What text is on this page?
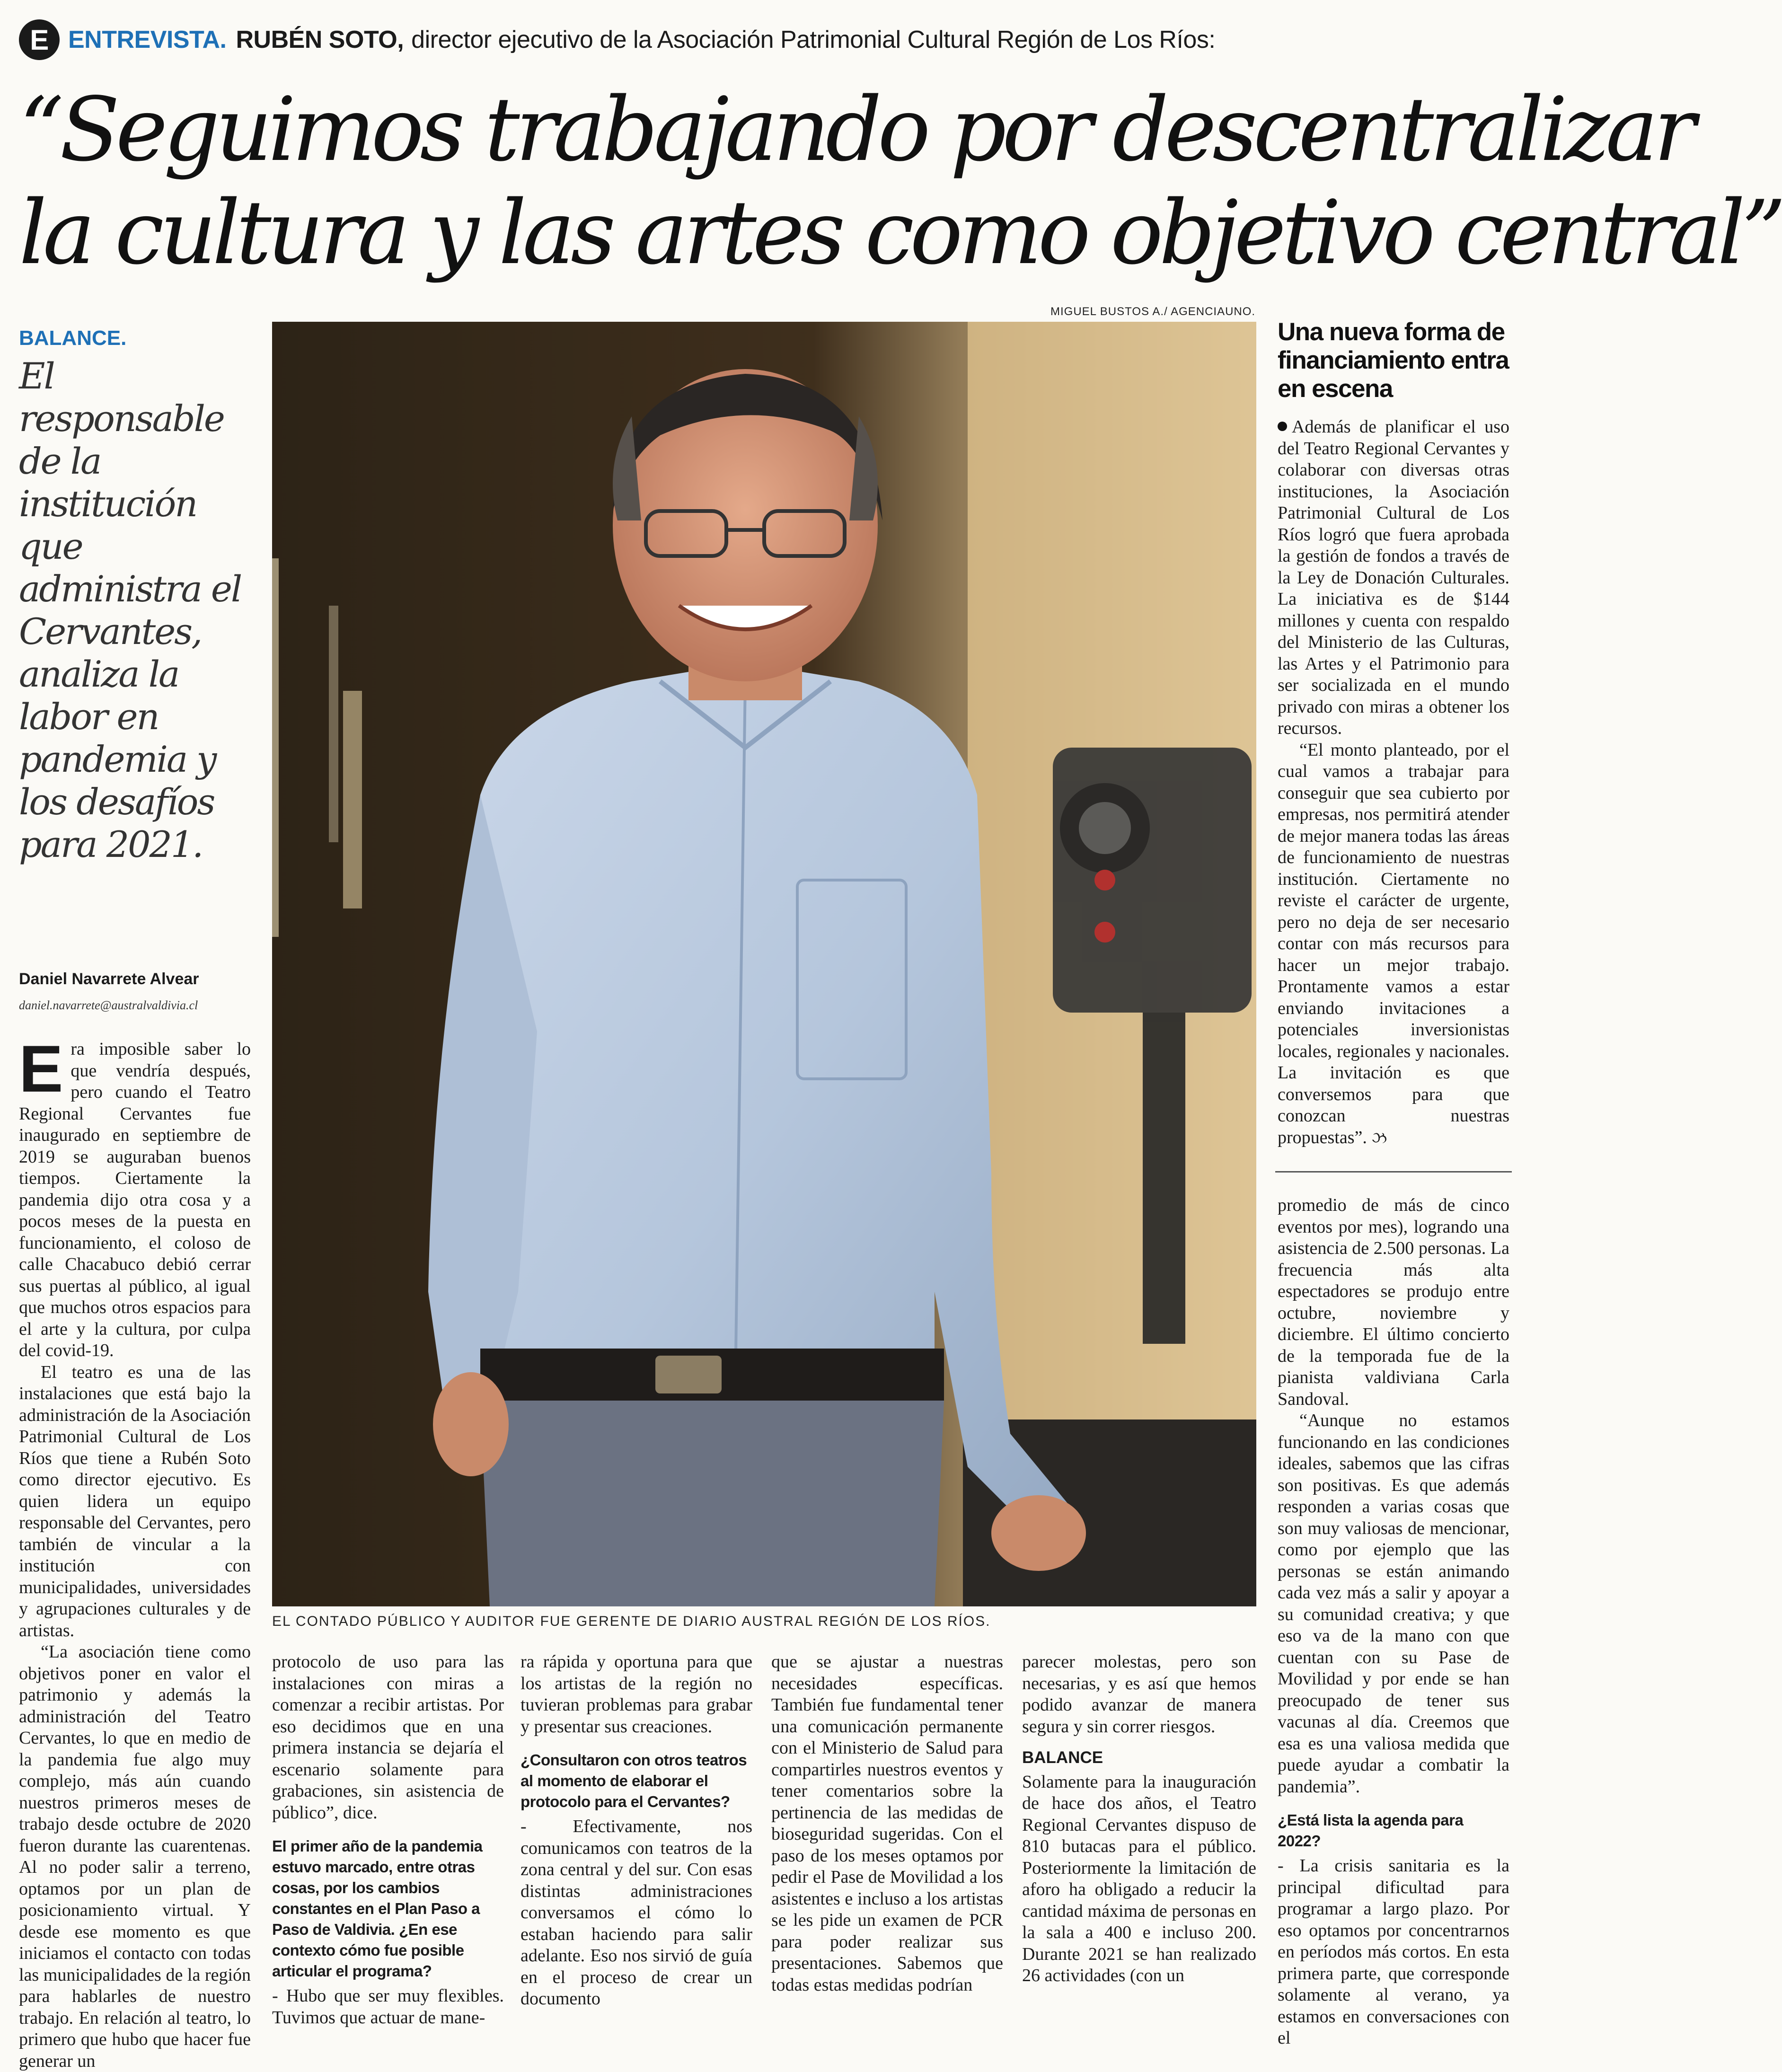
E ENTREVISTA. RUBÉN SOTO, director ejecutivo de la Asociación Patrimonial Cultural Región de Los Ríos:
“Seguimos trabajando por descentralizar
la cultura y las artes como objetivo central”
BALANCE.
El responsable de la institución que administra el Cervantes, analiza la labor en pandemia y los desafíos para 2021.
Daniel Navarrete Alvear
daniel.navarrete@australvaldivia.cl

Era imposible saber lo que vendría después, pero cuando el Teatro Regional Cervantes fue inaugurado en septiembre de 2019 se auguraban buenos tiempos. Ciertamente la pandemia dijo otra cosa y a pocos meses de la puesta en funcionamiento, el coloso de calle Chacabuco debió cerrar sus puertas al público, al igual que muchos otros espacios para el arte y la cultura, por culpa del covid-19.

El teatro es una de las instalaciones que está bajo la administración de la Asociación Patrimonial Cultural de Los Ríos que tiene a Rubén Soto como director ejecutivo. Es quien lidera un equipo responsable del Cervantes, pero también de vincular a la institución con municipalidades, universidades y agrupaciones culturales y de artistas.

“La asociación tiene como objetivos poner en valor el patrimonio y además la administración del Teatro Cervantes, lo que en medio de la pandemia fue algo muy complejo, más aún cuando nuestros primeros meses de trabajo desde octubre de 2020 fueron durante las cuarentenas. Al no poder salir a terreno, optamos por un plan de posicionamiento virtual. Y desde ese momento es que iniciamos el contacto con todas las municipalidades de la región para hablarles de nuestro trabajo. En relación al teatro, lo primero que hubo que hacer fue generar un

MIGUEL BUSTOS A./ AGENCIAUNO.
EL CONTADO PÚBLICO Y AUDITOR FUE GERENTE DE DIARIO AUSTRAL REGIÓN DE LOS RÍOS.

protocolo de uso para las instalaciones con miras a comenzar a recibir artistas. Por eso decidimos que en una primera instancia se dejaría el escenario solamente para grabaciones, sin asistencia de público”, dice.

El primer año de la pandemia estuvo marcado, entre otras cosas, por los cambios constantes en el Plan Paso a Paso de Valdivia. ¿En ese contexto cómo fue posible articular el programa?

- Hubo que ser muy flexibles. Tuvimos que actuar de mane-

ra rápida y oportuna para que los artistas de la región no tuvieran problemas para grabar y presentar sus creaciones.

¿Consultaron con otros teatros al momento de elaborar el protocolo para el Cervantes?

- Efectivamente, nos comunicamos con teatros de la zona central y del sur. Con esas distintas administraciones conversamos el cómo lo estaban haciendo para salir adelante. Eso nos sirvió de guía en el proceso de crear un documento

que se ajustar a nuestras necesidades específicas. También fue fundamental tener una comunicación permanente con el Ministerio de Salud para compartirles nuestros eventos y tener comentarios sobre la pertinencia de las medidas de bioseguridad sugeridas. Con el paso de los meses optamos por pedir el Pase de Movilidad a los asistentes e incluso a los artistas se les pide un examen de PCR para poder realizar sus presentaciones. Sabemos que todas estas medidas podrían

parecer molestas, pero son necesarias, y es así que hemos podido avanzar de manera segura y sin correr riesgos.

BALANCE

Solamente para la inauguración de hace dos años, el Teatro Regional Cervantes dispuso de 810 butacas para el público. Posteriormente la limitación de aforo ha obligado a reducir la cantidad máxima de personas en la sala a 400 e incluso 200. Durante 2021 se han realizado 26 actividades (con un

Una nueva forma de financiamiento entra en escena

Además de planificar el uso del Teatro Regional Cervantes y colaborar con diversas otras instituciones, la Asociación Patrimonial Cultural de Los Ríos logró que fuera aprobada la gestión de fondos a través de la Ley de Donación Culturales. La iniciativa es de $144 millones y cuenta con respaldo del Ministerio de las Culturas, las Artes y el Patrimonio para ser socializada en el mundo privado con miras a obtener los recursos.

“El monto planteado, por el cual vamos a trabajar para conseguir que sea cubierto por empresas, nos permitirá atender de mejor manera todas las áreas de funcionamiento de nuestras institución. Ciertamente no reviste el carácter de urgente, pero no deja de ser necesario contar con más recursos para hacer un mejor trabajo. Prontamente vamos a estar enviando invitaciones a potenciales inversionistas locales, regionales y nacionales. La invitación es que conversemos para que conozcan nuestras propuestas”. ઝ

promedio de más de cinco eventos por mes), logrando una asistencia de 2.500 personas. La frecuencia más alta espectadores se produjo entre octubre, noviembre y diciembre. El último concierto de la temporada fue de la pianista valdiviana Carla Sandoval.

“Aunque no estamos funcionando en las condiciones ideales, sabemos que las cifras son positivas. Es que además responden a varias cosas que son muy valiosas de mencionar, como por ejemplo que las personas se están animando cada vez más a salir y apoyar a su comunidad creativa; y que eso va de la mano con que cuentan con su Pase de Movilidad y por ende se han preocupado de tener sus vacunas al día. Creemos que esa es una valiosa medida que puede ayudar a combatir la pandemia”.

¿Está lista la agenda para 2022?

- La crisis sanitaria es la principal dificultad para programar a largo plazo. Por eso optamos por concentrarnos en períodos más cortos. En esta primera parte, que corresponde solamente al verano, ya estamos en conversaciones con el
